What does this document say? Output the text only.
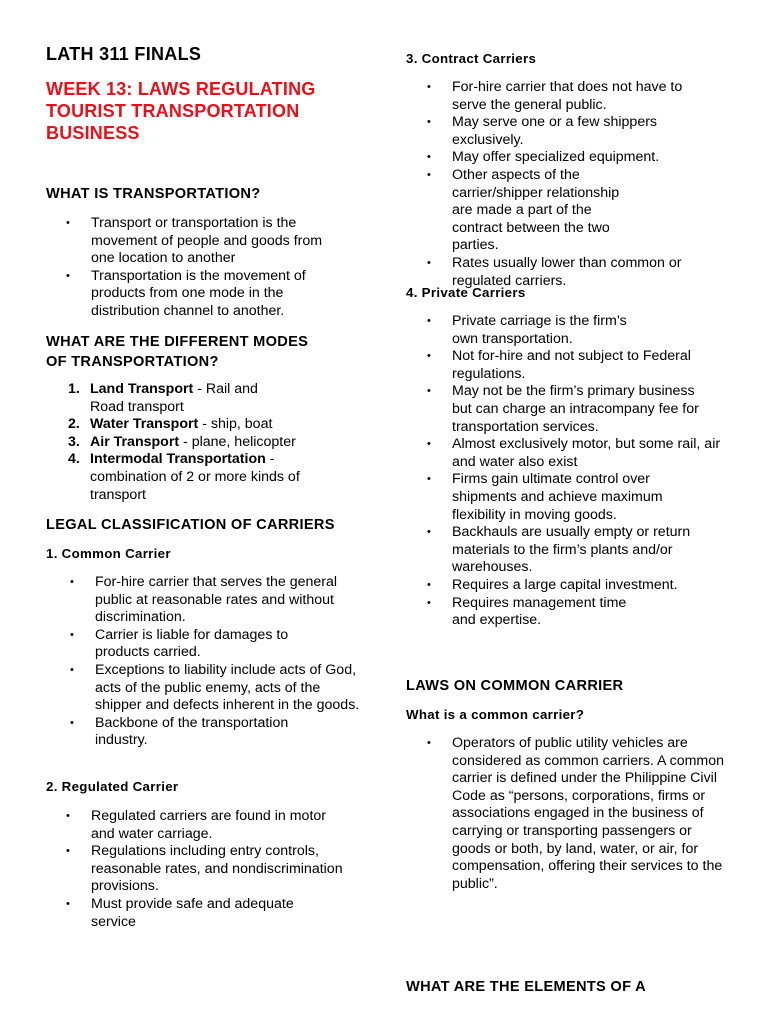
LATH 311 FINALS
WEEK 13: LAWS REGULATING
TOURIST TRANSPORTATION
BUSINESS
WHAT IS TRANSPORTATION?
• Transport or transportation is the movement of people and goods from one location to another
• Transportation is the movement of products from one mode in the distribution channel to another.
WHAT ARE THE DIFFERENT MODES
OF TRANSPORTATION?
1. Land Transport - Rail and Road transport
2. Water Transport - ship, boat
3. Air Transport - plane, helicopter
4. Intermodal Transportation - combination of 2 or more kinds of transport
LEGAL CLASSIFICATION OF CARRIERS
1. Common Carrier
• For-hire carrier that serves the general public at reasonable rates and without discrimination.
• Carrier is liable for damages to products carried.
• Exceptions to liability include acts of God, acts of the public enemy, acts of the shipper and defects inherent in the goods.
• Backbone of the transportation industry.
2. Regulated Carrier
• Regulated carriers are found in motor and water carriage.
• Regulations including entry controls, reasonable rates, and nondiscrimination provisions.
• Must provide safe and adequate service
3. Contract Carriers
• For-hire carrier that does not have to serve the general public.
• May serve one or a few shippers exclusively.
• May offer specialized equipment.
• Other aspects of the carrier/shipper relationship are made a part of the contract between the two parties.
• Rates usually lower than common or regulated carriers.
4. Private Carriers
• Private carriage is the firm’s own transportation.
• Not for-hire and not subject to Federal regulations.
• May not be the firm’s primary business but can charge an intracompany fee for transportation services.
• Almost exclusively motor, but some rail, air and water also exist
• Firms gain ultimate control over shipments and achieve maximum flexibility in moving goods.
• Backhauls are usually empty or return materials to the firm’s plants and/or warehouses.
• Requires a large capital investment.
• Requires management time and expertise.
LAWS ON COMMON CARRIER
What is a common carrier?
• Operators of public utility vehicles are considered as common carriers. A common carrier is defined under the Philippine Civil Code as “persons, corporations, firms or associations engaged in the business of carrying or transporting passengers or goods or both, by land, water, or air, for compensation, offering their services to the public”.
WHAT ARE THE ELEMENTS OF A
